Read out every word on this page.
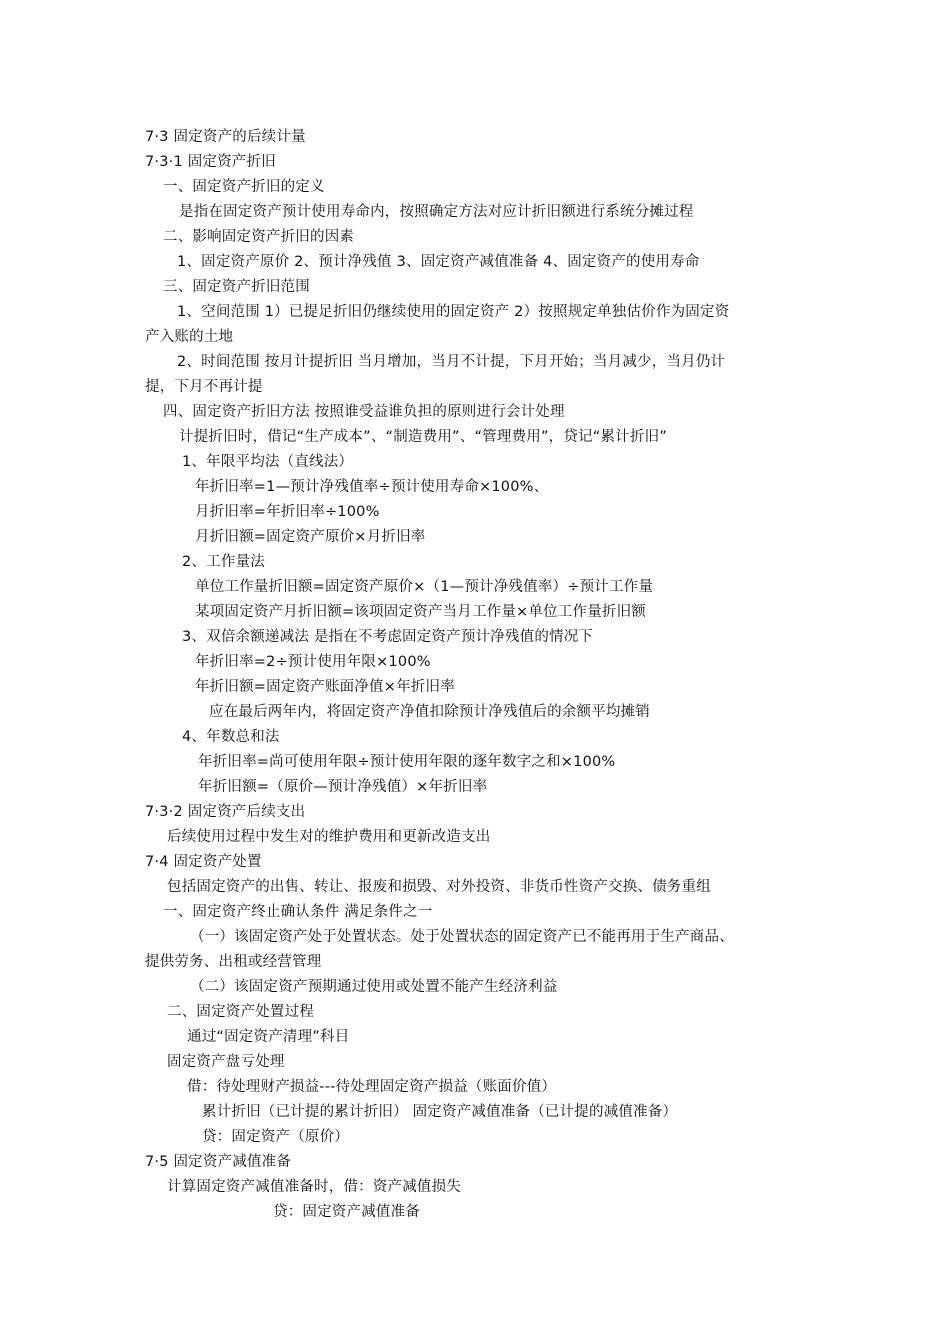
7·3 固定资产的后续计量
7·3·1 固定资产折旧
一、固定资产折旧的定义
是指在固定资产预计使用寿命内，按照确定方法对应计折旧额进行系统分摊过程
二、影响固定资产折旧的因素
1、固定资产原价 2、预计净残值 3、固定资产减值准备 4、固定资产的使用寿命
三、固定资产折旧范围
1、空间范围 1）已提足折旧仍继续使用的固定资产 2）按照规定单独估价作为固定资
产入账的土地
2、时间范围 按月计提折旧 当月增加，当月不计提，下月开始；当月减少，当月仍计
提，下月不再计提
四、固定资产折旧方法 按照谁受益谁负担的原则进行会计处理
计提折旧时，借记“生产成本”、“制造费用”、“管理费用”，贷记“累计折旧”
1、年限平均法（直线法）
年折旧率=1—预计净残值率÷预计使用寿命×100%、
月折旧率=年折旧率÷100%
月折旧额=固定资产原价×月折旧率
2、工作量法
单位工作量折旧额=固定资产原价×（1—预计净残值率）÷预计工作量
某项固定资产月折旧额=该项固定资产当月工作量×单位工作量折旧额
3、双倍余额递减法 是指在不考虑固定资产预计净残值的情况下
年折旧率=2÷预计使用年限×100%
年折旧额=固定资产账面净值×年折旧率
应在最后两年内，将固定资产净值扣除预计净残值后的余额平均摊销
4、年数总和法
年折旧率=尚可使用年限÷预计使用年限的逐年数字之和×100%
年折旧额=（原价—预计净残值）×年折旧率
7·3·2 固定资产后续支出
后续使用过程中发生对的维护费用和更新改造支出
7·4 固定资产处置
包括固定资产的出售、转让、报废和损毁、对外投资、非货币性资产交换、债务重组
一、固定资产终止确认条件 满足条件之一
（一）该固定资产处于处置状态。处于处置状态的固定资产已不能再用于生产商品、
提供劳务、出租或经营管理
（二）该固定资产预期通过使用或处置不能产生经济利益
二、固定资产处置过程
通过“固定资产清理”科目
固定资产盘亏处理
借：待处理财产损益---待处理固定资产损益（账面价值）
累计折旧（已计提的累计折旧） 固定资产减值准备（已计提的减值准备）
贷：固定资产（原价）
7·5 固定资产减值准备
计算固定资产减值准备时，借：资产减值损失
贷：固定资产减值准备
